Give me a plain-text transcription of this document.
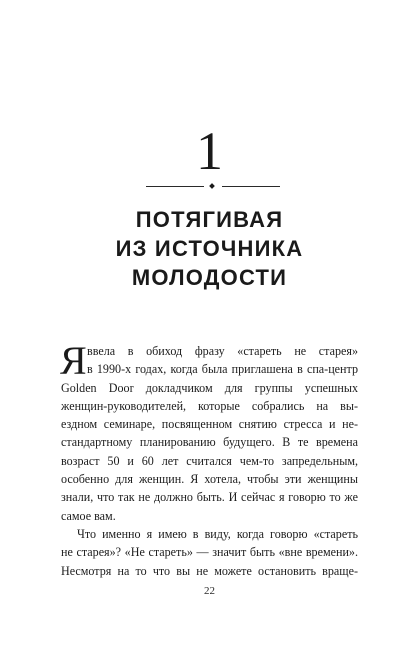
1
ПОТЯГИВАЯ
ИЗ ИСТОЧНИКА
МОЛОДОСТИ
Я ввела в обиход фразу «стареть не старея»
в 1990-х годах, когда была приглашена в спа-центр
Golden Door докладчиком для группы успешных
женщин-руководителей, которые собрались на вы-
ездном семинаре, посвященном снятию стресса и не-
стандартному планированию будущего. В те времена
возраст 50 и 60 лет считался чем-то запредельным,
особенно для женщин. Я хотела, чтобы эти женщины
знали, что так не должно быть. И сейчас я говорю то же
самое вам.
Что именно я имею в виду, когда говорю «стареть
не старея»? «Не стареть» — значит быть «вне времени».
Несмотря на то что вы не можете остановить враще-
22
